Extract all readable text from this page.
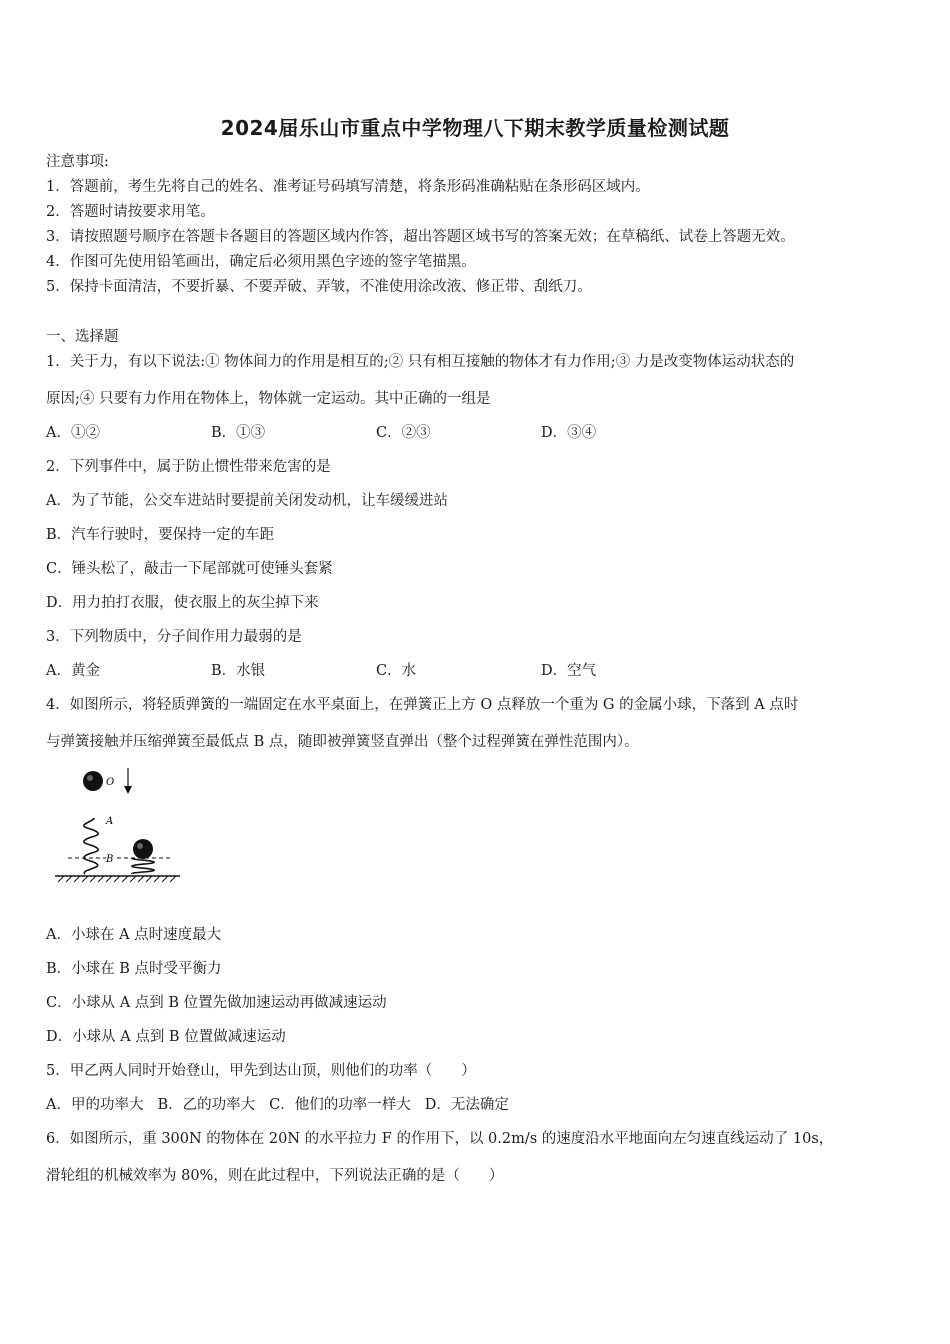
2024届乐山市重点中学物理八下期末教学质量检测试题
注意事项:
1．答题前，考生先将自己的姓名、准考证号码填写清楚，将条形码准确粘贴在条形码区域内。
2．答题时请按要求用笔。
3．请按照题号顺序在答题卡各题目的答题区域内作答，超出答题区域书写的答案无效；在草稿纸、试卷上答题无效。
4．作图可先使用铅笔画出，确定后必须用黑色字迹的签字笔描黑。
5．保持卡面清洁，不要折暴、不要弄破、弄皱，不准使用涂改液、修正带、刮纸刀。
一、选择题
1．关于力，有以下说法:① 物体间力的作用是相互的;② 只有相互接触的物体才有力作用;③ 力是改变物体运动状态的
原因;④ 只要有力作用在物体上，物体就一定运动。其中正确的一组是
A．①②	B．①③	C．②③	D．③④
2．下列事件中，属于防止惯性带来危害的是
A．为了节能，公交车进站时要提前关闭发动机，让车缓缓进站
B．汽车行驶时，要保持一定的车距
C．锤头松了，敲击一下尾部就可使锤头套紧
D．用力拍打衣服，使衣服上的灰尘掉下来
3．下列物质中，分子间作用力最弱的是
A．黄金	B．水银	C．水	D．空气
4．如图所示，将轻质弹簧的一端固定在水平桌面上，在弹簧正上方 O 点释放一个重为 G 的金属小球，下落到 A 点时
与弹簧接触并压缩弹簧至最低点 B 点，随即被弹簧竖直弹出（整个过程弹簧在弹性范围内）。
O
A
B
A．小球在 A 点时速度最大
B．小球在 B 点时受平衡力
C．小球从 A 点到 B 位置先做加速运动再做减速运动
D．小球从 A 点到 B 位置做减速运动
5．甲乙两人同时开始登山，甲先到达山顶，则他们的功率（　　）
A．甲的功率大 B．乙的功率大 C．他们的功率一样大 D．无法确定
6．如图所示，重 300N 的物体在 20N 的水平拉力 F 的作用下，以 0.2m/s 的速度沿水平地面向左匀速直线运动了 10s，
滑轮组的机械效率为 80%，则在此过程中，下列说法正确的是（　　）
